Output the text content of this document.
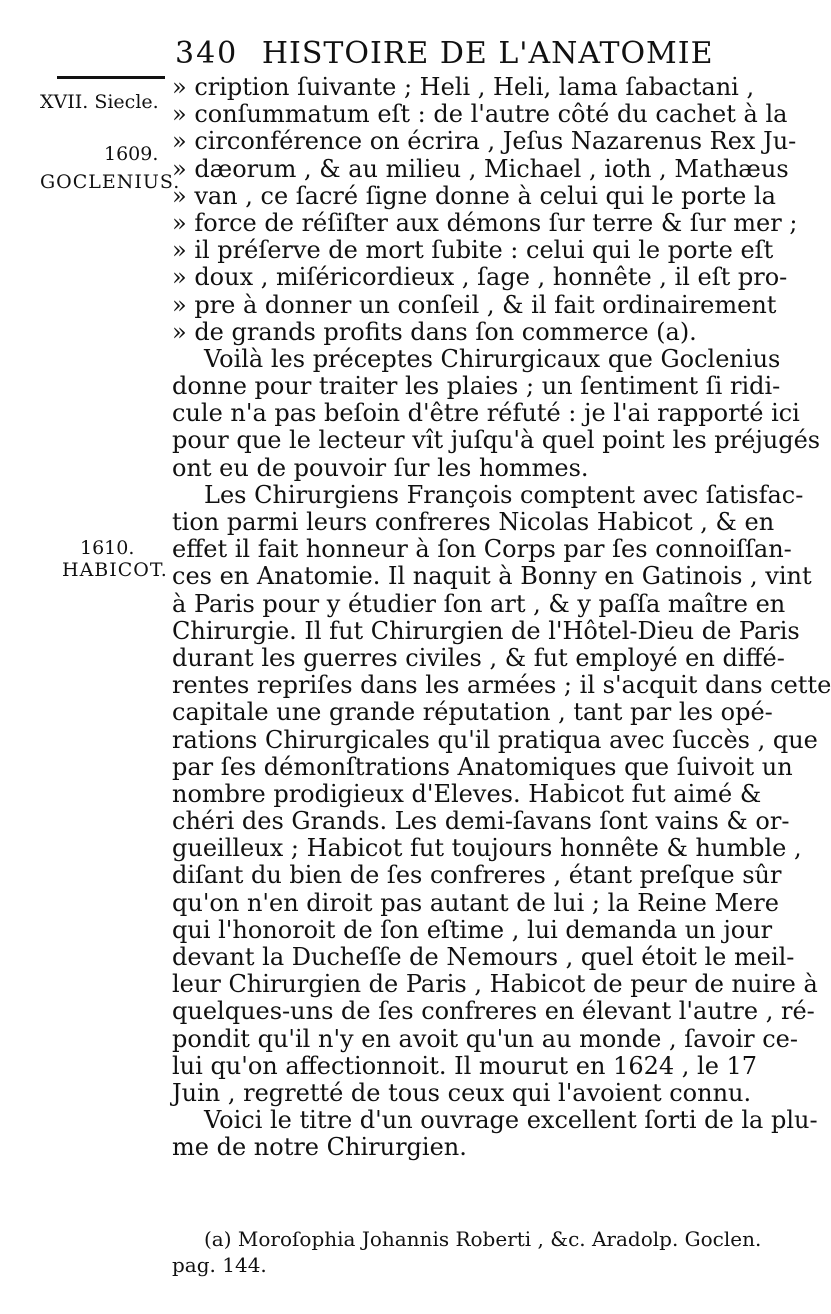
340 HISTOIRE DE L'ANATOMIE
XVII. Siecle.
1609.
GOCLENIUS.
1610.
HABICOT.
» cription ſuivante ; Heli , Heli, lama ſabactani ,
» conſummatum eſt : de l'autre côté du cachet à la
» circonférence on écrira , Jeſus Nazarenus Rex Ju-
» dæorum , & au milieu , Michael , ioth , Mathæus
» van , ce ſacré ſigne donne à celui qui le porte la
» force de réſiſter aux démons ſur terre & ſur mer ;
» il préſerve de mort ſubite : celui qui le porte eſt
» doux , miſéricordieux , ſage , honnête , il eſt pro-
» pre à donner un conſeil , & il fait ordinairement
» de grands profits dans ſon commerce (a).
Voilà les préceptes Chirurgicaux que Goclenius
donne pour traiter les plaies ; un ſentiment ſi ridi-
cule n'a pas beſoin d'être réfuté : je l'ai rapporté ici
pour que le lecteur vît juſqu'à quel point les préjugés
ont eu de pouvoir ſur les hommes.
Les Chirurgiens François comptent avec ſatisfac-
tion parmi leurs confreres Nicolas Habicot , & en
effet il fait honneur à ſon Corps par ſes connoiſſan-
ces en Anatomie. Il naquit à Bonny en Gatinois , vint
à Paris pour y étudier ſon art , & y paſſa maître en
Chirurgie. Il fut Chirurgien de l'Hôtel-Dieu de Paris
durant les guerres civiles , & fut employé en diffé-
rentes repriſes dans les armées ; il s'acquit dans cette
capitale une grande réputation , tant par les opé-
rations Chirurgicales qu'il pratiqua avec ſuccès , que
par ſes démonſtrations Anatomiques que ſuivoit un
nombre prodigieux d'Eleves. Habicot fut aimé &
chéri des Grands. Les demi-ſavans ſont vains & or-
gueilleux ; Habicot fut toujours honnête & humble ,
diſant du bien de ſes confreres , étant preſque sûr
qu'on n'en diroit pas autant de lui ; la Reine Mere
qui l'honoroit de ſon eſtime , lui demanda un jour
devant la Ducheſſe de Nemours , quel étoit le meil-
leur Chirurgien de Paris , Habicot de peur de nuire à
quelques-uns de ſes confreres en élevant l'autre , ré-
pondit qu'il n'y en avoit qu'un au monde , ſavoir ce-
lui qu'on affectionnoit. Il mourut en 1624 , le 17
Juin , regretté de tous ceux qui l'avoient connu.
Voici le titre d'un ouvrage excellent ſorti de la plu-
me de notre Chirurgien.
(a) Moroſophia Johannis Roberti , &c. Aradolp. Goclen.
pag. 144.
